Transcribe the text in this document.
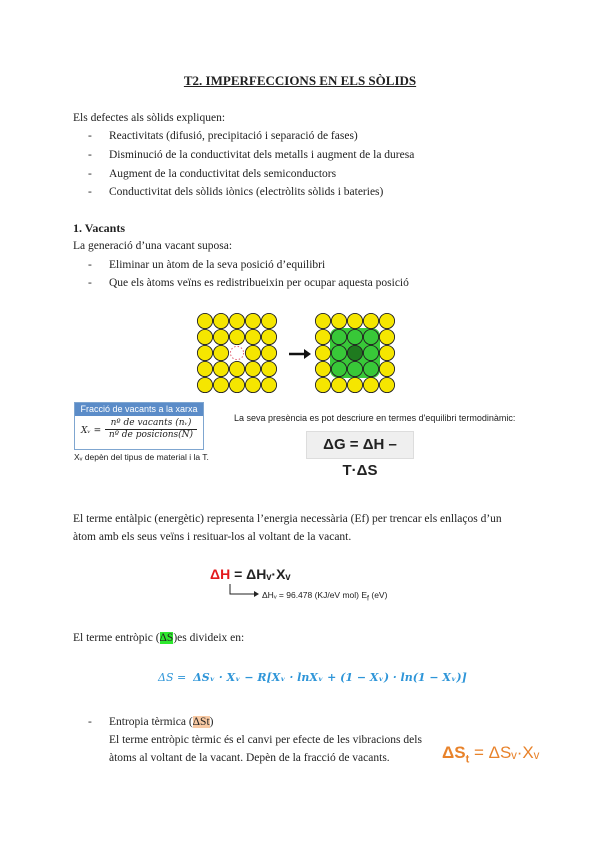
T2. IMPERFECCIONS EN ELS SÒLIDS
Els defectes als sòlids expliquen:
- Reactivitats (difusió, precipitació i separació de fases)
- Disminució de la conductivitat dels metalls i augment de la duresa
- Augment de la conductivitat dels semiconductors
- Conductivitat dels sòlids iònics (electròlits sòlids i bateries)
1. Vacants
La generació d’una vacant suposa:
- Eliminar un àtom de la seva posició d’equilibri
- Que els àtoms veïns es redistribueixin per ocupar aquesta posició
Fracció de vacants a la xarxa
Xᵥ =
nº de vacants (nᵥ)
nº de posicions(N)
Xᵥ depèn del tipus de material i la T.
La seva presència es pot descriure en termes d'equilibri termodinàmic:
ΔG = ΔH – T·ΔS
El terme entàlpic (energètic) representa l’energia necessària (Ef) per trencar els enllaços d’un
àtom amb els seus veïns i resituar-los al voltant de la vacant.
ΔH = ΔHᵥ·Xᵥ
ΔHᵥ = 96.478 (KJ/eV mol) $E_f$ (eV)
El terme entròpic (ΔS)es divideix en:
ΔS = ΔSᵥ · Xᵥ − R[Xᵥ · lnXᵥ + (1 − Xᵥ) · ln(1 − Xᵥ)]
- Entropia tèrmica (ΔSt)
El terme entròpic tèrmic és el canvi per efecte de les vibracions dels
àtoms al voltant de la vacant. Depèn de la fracció de vacants.	$\Delta S_t$ = ΔSᵥ·Xᵥ
